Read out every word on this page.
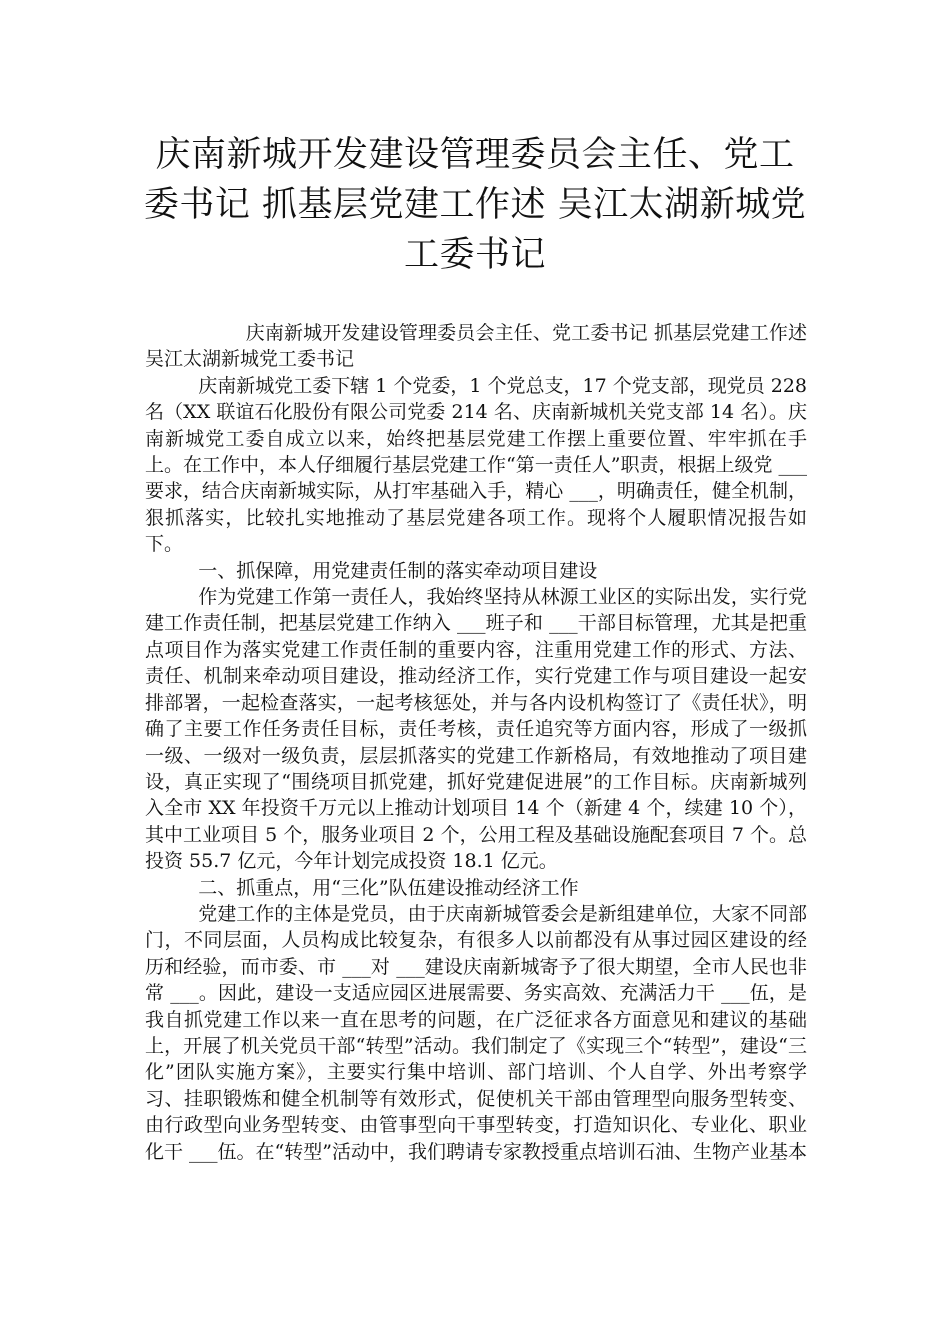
庆南新城开发建设管理委员会主任、党工委书记 抓基层党建工作述 吴江太湖新城党工委书记

庆南新城开发建设管理委员会主任、党工委书记 抓基层党建工作述 吴江太湖新城党工委书记

庆南新城党工委下辖 1 个党委，1 个党总支，17 个党支部，现党员 228 名（XX 联谊石化股份有限公司党委 214 名、庆南新城机关党支部 14 名）。庆南新城党工委自成立以来，始终把基层党建工作摆上重要位置、牢牢抓在手上。在工作中，本人仔细履行基层党建工作“第一责任人”职责，根据上级党 ___要求，结合庆南新城实际，从打牢基础入手，精心 ___，明确责任，健全机制，狠抓落实，比较扎实地推动了基层党建各项工作。现将个人履职情况报告如下。

一、抓保障，用党建责任制的落实牵动项目建设

作为党建工作第一责任人，我始终坚持从林源工业区的实际出发，实行党建工作责任制，把基层党建工作纳入 ___班子和 ___干部目标管理，尤其是把重点项目作为落实党建工作责任制的重要内容，注重用党建工作的形式、方法、责任、机制来牵动项目建设，推动经济工作，实行党建工作与项目建设一起安排部署，一起检查落实，一起考核惩处，并与各内设机构签订了《责任状》，明确了主要工作任务责任目标，责任考核，责任追究等方面内容，形成了一级抓一级、一级对一级负责，层层抓落实的党建工作新格局，有效地推动了项目建设，真正实现了“围绕项目抓党建，抓好党建促进展”的工作目标。庆南新城列入全市 XX 年投资千万元以上推动计划项目 14 个（新建 4 个，续建 10 个），其中工业项目 5 个，服务业项目 2 个，公用工程及基础设施配套项目 7 个。总投资 55.7 亿元，今年计划完成投资 18.1 亿元。

二、抓重点，用“三化”队伍建设推动经济工作

党建工作的主体是党员，由于庆南新城管委会是新组建单位，大家不同部门，不同层面，人员构成比较复杂，有很多人以前都没有从事过园区建设的经历和经验，而市委、市 ___对 ___建设庆南新城寄予了很大期望，全市人民也非常 ___。因此，建设一支适应园区进展需要、务实高效、充满活力干 ___伍，是我自抓党建工作以来一直在思考的问题，在广泛征求各方面意见和建议的基础上，开展了机关党员干部“转型”活动。我们制定了《实现三个“转型”，建设“三化”团队实施方案》，主要实行集中培训、部门培训、个人自学、外出考察学习、挂职锻炼和健全机制等有效形式，促使机关干部由管理型向服务型转变、由行政型向业务型转变、由管事型向干事型转变，打造知识化、专业化、职业化干 ___伍。在“转型”活动中，我们聘请专家教授重点培训石油、生物产业基本
